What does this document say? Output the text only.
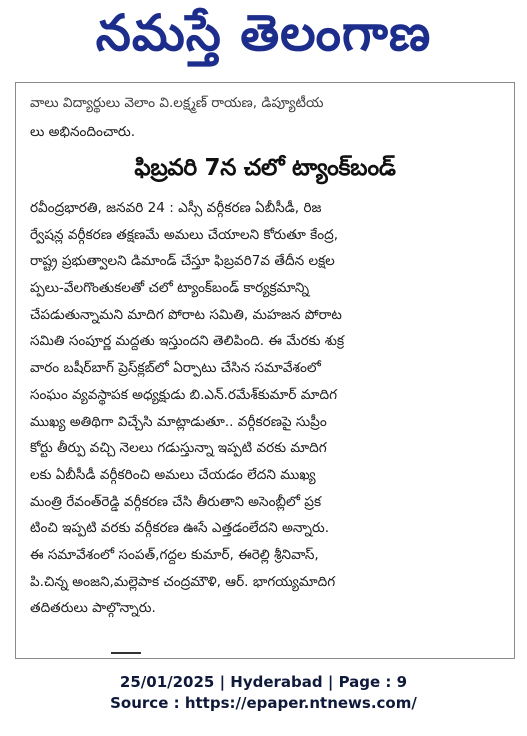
నమస్తే తెలంగాణ
వాలు విద్యార్థులు వెలాం వి.లక్ష్మణ్ రాయణ, డిప్యూటీయ
లు అభినందించారు.
ఫిబ్రవరి 7న చలో ట్యాంక్‌బండ్
రవీంద్రభారతి, జనవరి 24 : ఎస్సీ వర్గీకరణ ఏబీసీడీ, రిజ
ర్వేషన్ల వర్గీకరణ తక్షణమే అమలు చేయాలని కోరుతూ కేంద్ర,
రాష్ట్ర ప్రభుత్వాలని డిమాండ్ చేస్తూ ఫిబ్రవరి7వ తేదీన లక్షల
ప్పలు-వేలగొంతుకలతో చలో ట్యాంక్‌బండ్ కార్యక్రమాన్ని
చేపడుతున్నామని మాదిగ పోరాట సమితి, మహజన పోరాట
సమితి సంపూర్ణ మద్దతు ఇస్తుందని తెలిపింది. ఈ మేరకు శుక్ర
వారం బషీర్‌బాగ్ ప్రెస్‌క్లబ్‌లో ఏర్పాటు చేసిన సమావేశంలో
సంఘం వ్యవస్థాపక అధ్యక్షుడు బి.ఎన్.రమేశ్‌కుమార్ మాదిగ
ముఖ్య అతిథిగా విచ్చేసి మాట్లాడుతూ.. వర్గీకరణపై సుప్రీం
కోర్టు తీర్పు వచ్చి నెలలు గడుస్తున్నా ఇప్పటి వరకు మాదిగ
లకు ఏబీసీడీ వర్గీకరించి అమలు చేయడం లేదని ముఖ్య
మంత్రి రేవంత్‌రెడ్డి వర్గీకరణ చేసి తీరుతాని అసెంబ్లీలో ప్రక
టించి ఇప్పటి వరకు వర్గీకరణ ఊసే ఎత్తడంలేదని అన్నారు.
ఈ సమావేశంలో సంపత్,గద్దల కుమార్, ఈరెల్లి శ్రీనివాస్,
పి.చిన్న అంజని,మల్లెపాక చంద్రమౌళి, ఆర్. భాగయ్యమాదిగ
తదితరులు పాల్గొన్నారు.
25/01/2025 | Hyderabad | Page : 9
Source : https://epaper.ntnews.com/
